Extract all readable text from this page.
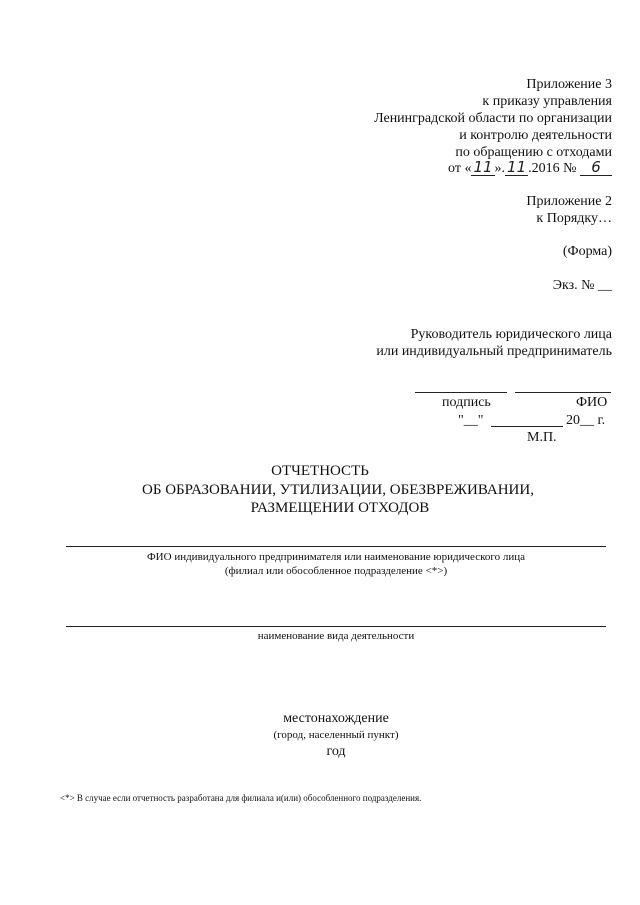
Приложение 3
к приказу управления
Ленинградской области по организации
и контролю деятельности
по обращению с отходами
от « 11 ». 11 .2016 № 6
Приложение 2
к Порядку…
(Форма)
Экз. № __
Руководитель юридического лица
или индивидуальный предприниматель
подпись	ФИО
"__"	20__ г.
М.П.
ОТЧЕТНОСТЬ
ОБ ОБРАЗОВАНИИ, УТИЛИЗАЦИИ, ОБЕЗВРЕЖИВАНИИ,
РАЗМЕЩЕНИИ ОТХОДОВ
ФИО индивидуального предпринимателя или наименование юридического лица
(филиал или обособленное подразделение <*>)
наименование вида деятельности
местонахождение
(город, населенный пункт)
год
<*> В случае если отчетность разработана для филиала и(или) обособленного подразделения.
